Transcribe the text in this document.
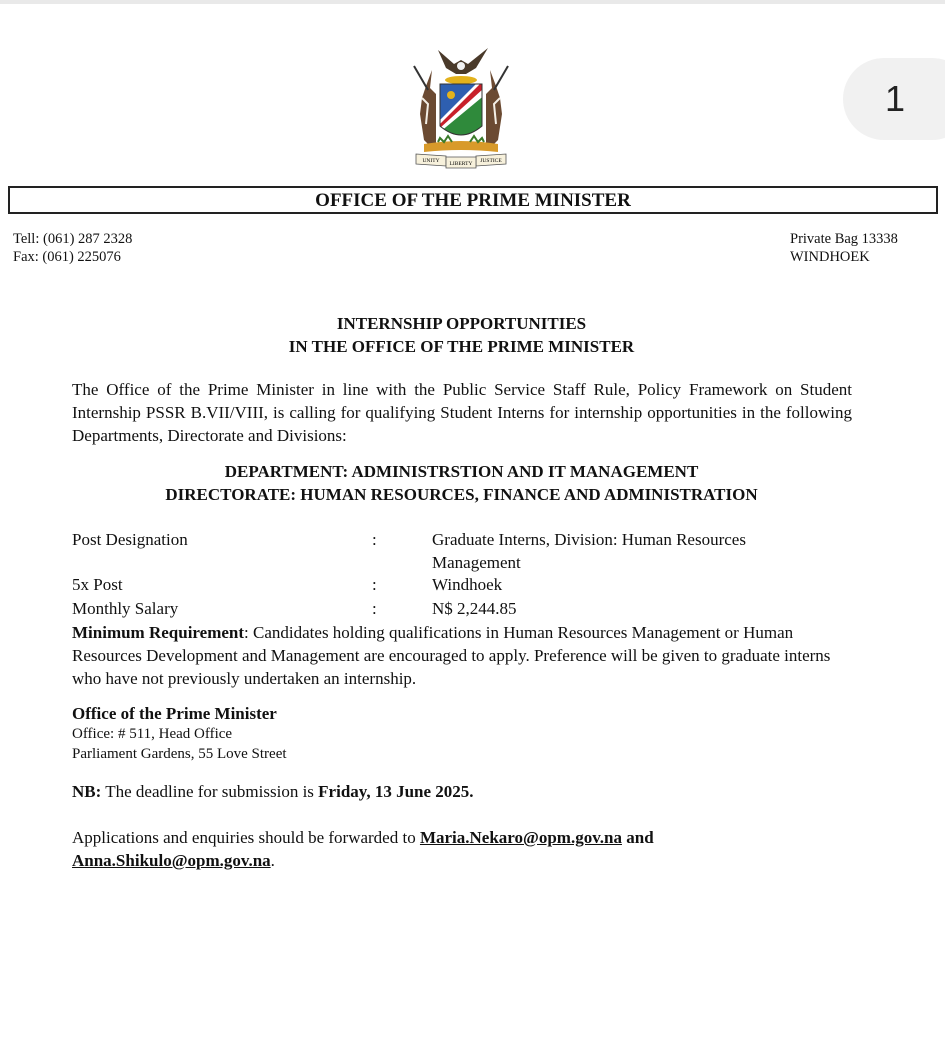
1
UNITY LIBERTY JUSTICE
OFFICE OF THE PRIME MINISTER
Tell: (061) 287 2328
Fax: (061) 225076
Private Bag 13338
WINDHOEK
INTERNSHIP OPPORTUNITIES
IN THE OFFICE OF THE PRIME MINISTER
The Office of the Prime Minister in line with the Public Service Staff Rule, Policy Framework on Student Internship PSSR B.VII/VIII, is calling for qualifying Student Interns for internship opportunities in the following Departments, Directorate and Divisions:
DEPARTMENT: ADMINISTRSTION AND IT MANAGEMENT
DIRECTORATE: HUMAN RESOURCES, FINANCE AND ADMINISTRATION
Post Designation	:	Graduate Interns, Division: Human Resources Management
5x Post	:	Windhoek
Monthly Salary	:	N$ 2,244.85
Minimum Requirement: Candidates holding qualifications in Human Resources Management or Human Resources Development and Management are encouraged to apply. Preference will be given to graduate interns who have not previously undertaken an internship.
Office of the Prime Minister
Office: # 511, Head Office
Parliament Gardens, 55 Love Street
NB: The deadline for submission is Friday, 13 June 2025.
Applications and enquiries should be forwarded to Maria.Nekaro@opm.gov.na and
Anna.Shikulo@opm.gov.na.
